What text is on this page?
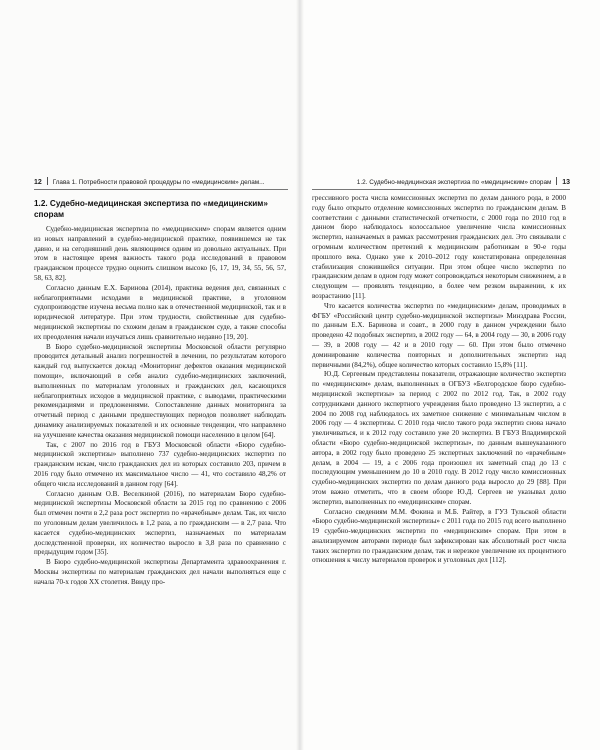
12 Глава 1. Потребности правовой процедуры по «медицинским» делам...
1.2. Судебно-медицинская экспертиза по «медицинским» спорам

Судебно-медицинская экспертиза по «медицинским» спорам является одним из новых направлений в судебно-медицинской практике, появившемся не так давно, и на сегодняшний день являющимся одним из довольно актуальных. При этом в настоящее время важность такого рода исследований в правовом гражданском процессе трудно оценить слишком высоко [6, 17, 19, 34, 55, 56, 57, 58, 63, 82].

Согласно данным Е.Х. Бариновa (2014), практика ведения дел, связанных с неблагоприятными исходами в медицинской практике, в уголовном судопроизводстве изучена весьма полно как в отечественной медицинской, так и в юридической литературе. При этом трудности, свойственные для судебно-медицинской экспертизы по схожим делам в гражданском суде, а также способы их преодоления начали изучаться лишь сравнительно недавно [19, 20].

В Бюро судебно-медицинской экспертизы Московской области регулярно проводится детальный анализ погрешностей в лечении, по результатам которого каждый год выпускается доклад «Мониторинг дефектов оказания медицинской помощи», включающий в себя анализ судебно-медицинских заключений, выполненных по материалам уголовных и гражданских дел, касающихся неблагоприятных исходов в медицинской практике, с выводами, практическими рекомендациями и предложениями. Сопоставление данных мониторинга за отчетный период с данными предшествующих периодов позволяет наблюдать динамику анализируемых показателей и их основные тенденции, что направлено на улучшение качества оказания медицинской помощи населению в целом [64].

Так, с 2007 по 2016 год в ГБУЗ Московской области «Бюро судебно-медицинской экспертизы» выполнено 737 судебно-медицинских экспертиз по гражданским искам, число гражданских дел из которых составило 203, причем в 2016 году было отмечено их максимальное число — 41, что составило 48,2% от общего числа исследований в данном году [64].

Согласно данным О.В. Веселкиной (2016), по материалам Бюро судебно-медицинской экспертизы Московской области за 2015 год по сравнению с 2006 был отмечен почти в 2,2 раза рост экспертиз по «врачебным» делам. Так, их число по уголовным делам увеличилось в 1,2 раза, а по гражданским — в 2,7 раза. Что касается судебно-медицинских экспертиз, назначаемых по материалам доследственной проверки, их количество выросло в 3,8 раза по сравнению с предыдущим годом [35].

В Бюро судебно-медицинской экспертизы Департамента здравоохранения г. Москвы экспертизы по материалам гражданских дел начали выполняться еще с начала 70-х годов XX столетия. Ввиду про-

1.2. Судебно-медицинская экспертиза по «медицинским» спорам 13

грессивного роста числа комиссионных экспертиз по делам данного рода, в 2000 году было открыто отделение комиссионных экспертиз по гражданским делам. В соответствии с данными статистической отчетности, с 2000 года по 2010 год в данном бюро наблюдалось колоссальное увеличение числа комиссионных экспертиз, назначаемых в рамках рассмотрения гражданских дел. Это связывали с огромным количеством претензий к медицинским работникам в 90-е годы прошлого века. Однако уже к 2010–2012 году констатирована определенная стабилизация сложившейся ситуации. При этом общее число экспертиз по гражданским делам в одном году может сопровождаться некоторым снижением, а в следующем — проявлять тенденцию, в более чем резком выражении, к их возрастанию [11].

Что касается количества экспертиз по «медицинским» делам, проводимых в ФГБУ «Российский центр судебно-медицинской экспертизы» Минздрава России, по данным Е.Х. Баринова и соавт., в 2000 году в данном учреждении было проведено 42 подобных экспертиз, в 2002 году — 64, в 2004 году — 30, в 2006 году — 39, в 2008 году — 42 и в 2010 году — 60. При этом было отмечено доминирование количества повторных и дополнительных экспертиз над первичными (84,2%), общее количество которых составило 15,8% [11].

Ю.Д. Сергеевым представлены показатели, отражающие количество экспертиз по «медицинским» делам, выполненных в ОГБУЗ «Белгородское бюро судебно-медицинской экспертизы» за период с 2002 по 2012 год. Так, в 2002 году сотрудниками данного экспертного учреждения было проведено 13 экспертиз, а с 2004 по 2008 год наблюдалось их заметное снижение с минимальным числом в 2006 году — 4 экспертизы. С 2010 года число такого рода экспертиз снова начало увеличиваться, и к 2012 году составило уже 20 экспертиз. В ГБУЗ Владимирской области «Бюро судебно-медицинской экспертизы», по данным вышеуказанного автора, в 2002 году было проведено 25 экспертных заключений по «врачебным» делам, в 2004 — 19, а с 2006 года произошел их заметный спад до 13 с последующим уменьшением до 10 в 2010 году. В 2012 году число комиссионных судебно-медицинских экспертиз по делам данного рода выросло до 29 [88]. При этом важно отметить, что в своем обзоре Ю.Д. Сергеев не указывал долю экспертиз, выполненных по «медицинским» спорам.

Согласно сведениям М.М. Фокина и М.Б. Райтер, в ГУЗ Тульской области «Бюро судебно-медицинской экспертизы» с 2011 года по 2015 год всего выполнено 19 судебно-медицинских экспертиз по «медицинским» спорам. При этом в анализируемом авторами периоде был зафиксирован как абсолютный рост числа таких экспертиз по гражданским делам, так и нерезкое увеличение их процентного отношения к числу материалов проверок и уголовных дел [112].
